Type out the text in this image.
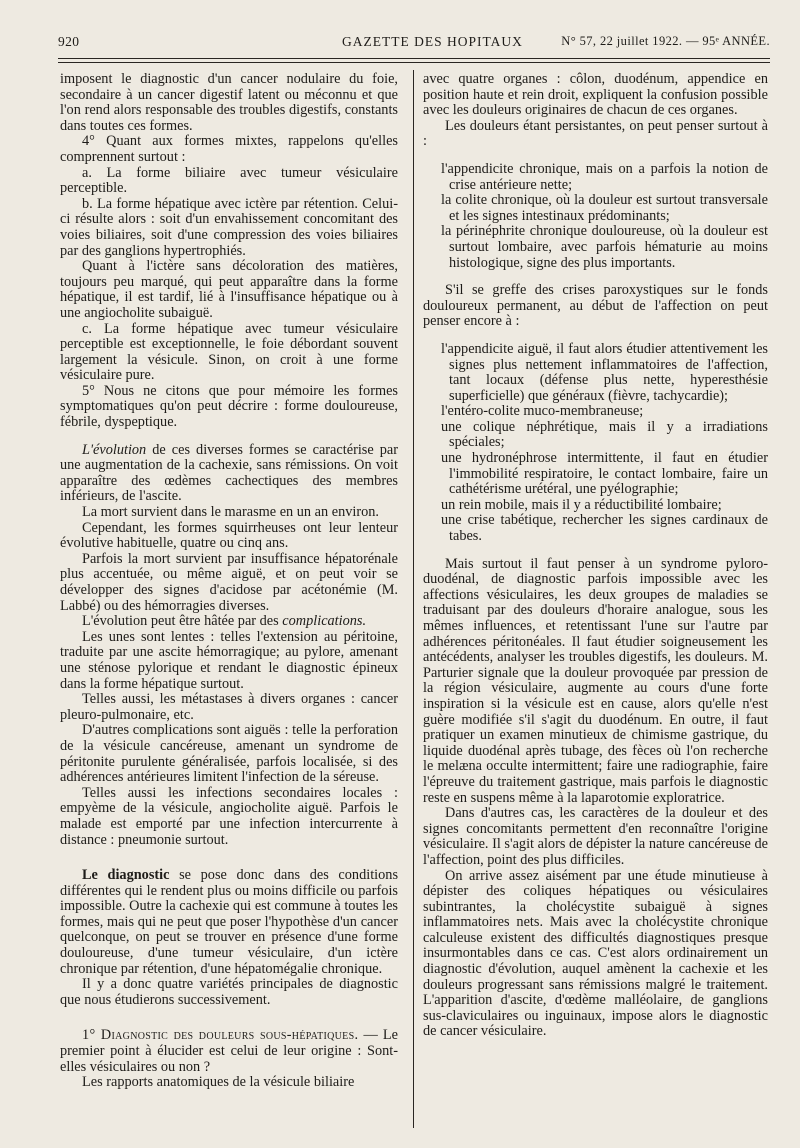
920	GAZETTE DES HOPITAUX	N° 57, 22 juillet 1922. — 95ᵉ ANNÉE.

imposent le diagnostic d'un cancer nodulaire du foie, secondaire à un cancer digestif latent ou méconnu et que l'on rend alors responsable des troubles digestifs, constants dans toutes ces formes.

4° Quant aux formes mixtes, rappelons qu'elles comprennent surtout :

a. La forme biliaire avec tumeur vésiculaire perceptible.

b. La forme hépatique avec ictère par rétention. Celui-ci résulte alors : soit d'un envahissement concomitant des voies biliaires, soit d'une compression des voies biliaires par des ganglions hypertrophiés.

Quant à l'ictère sans décoloration des matières, toujours peu marqué, qui peut apparaître dans la forme hépatique, il est tardif, lié à l'insuffisance hépatique ou à une angiocholite subaiguë.

c. La forme hépatique avec tumeur vésiculaire perceptible est exceptionnelle, le foie débordant souvent largement la vésicule. Sinon, on croit à une forme vésiculaire pure.

5° Nous ne citons que pour mémoire les formes symptomatiques qu'on peut décrire : forme douloureuse, fébrile, dyspeptique.

L'évolution de ces diverses formes se caractérise par une augmentation de la cachexie, sans rémissions. On voit apparaître des œdèmes cachectiques des membres inférieurs, de l'ascite.

La mort survient dans le marasme en un an environ.

Cependant, les formes squirrheuses ont leur lenteur évolutive habituelle, quatre ou cinq ans.

Parfois la mort survient par insuffisance hépatorénale plus accentuée, ou même aiguë, et on peut voir se développer des signes d'acidose par acétonémie (M. Labbé) ou des hémorragies diverses.

L'évolution peut être hâtée par des complications.

Les unes sont lentes : telles l'extension au péritoine, traduite par une ascite hémorragique; au pylore, amenant une sténose pylorique et rendant le diagnostic épineux dans la forme hépatique surtout.

Telles aussi, les métastases à divers organes : cancer pleuro-pulmonaire, etc.

D'autres complications sont aiguës : telle la perforation de la vésicule cancéreuse, amenant un syndrome de péritonite purulente généralisée, parfois localisée, si des adhérences antérieures limitent l'infection de la séreuse.

Telles aussi les infections secondaires locales : empyème de la vésicule, angiocholite aiguë. Parfois le malade est emporté par une infection intercurrente à distance : pneumonie surtout.

Le diagnostic se pose donc dans des conditions différentes qui le rendent plus ou moins difficile ou parfois impossible. Outre la cachexie qui est commune à toutes les formes, mais qui ne peut que poser l'hypothèse d'un cancer quelconque, on peut se trouver en présence d'une forme douloureuse, d'une tumeur vésiculaire, d'un ictère chronique par rétention, d'une hépatomégalie chronique.

Il y a donc quatre variétés principales de diagnostic que nous étudierons successivement.

1° Diagnostic des douleurs sous-hépatiques. — Le premier point à élucider est celui de leur origine : Sont-elles vésiculaires ou non ?

Les rapports anatomiques de la vésicule biliaire

avec quatre organes : côlon, duodénum, appendice en position haute et rein droit, expliquent la confusion possible avec les douleurs originaires de chacun de ces organes.

Les douleurs étant persistantes, on peut penser surtout à :

l'appendicite chronique, mais on a parfois la notion de crise antérieure nette;

la colite chronique, où la douleur est surtout transversale et les signes intestinaux prédominants;

la périnéphrite chronique douloureuse, où la douleur est surtout lombaire, avec parfois hématurie au moins histologique, signe des plus importants.

S'il se greffe des crises paroxystiques sur le fonds douloureux permanent, au début de l'affection on peut penser encore à :

l'appendicite aiguë, il faut alors étudier attentivement les signes plus nettement inflammatoires de l'affection, tant locaux (défense plus nette, hyperesthésie superficielle) que généraux (fièvre, tachycardie);

l'entéro-colite muco-membraneuse;

une colique néphrétique, mais il y a irradiations spéciales;

une hydronéphrose intermittente, il faut en étudier l'immobilité respiratoire, le contact lombaire, faire un cathétérisme urétéral, une pyélographie;

un rein mobile, mais il y a réductibilité lombaire;

une crise tabétique, rechercher les signes cardinaux de tabes.

Mais surtout il faut penser à un syndrome pyloro-duodénal, de diagnostic parfois impossible avec les affections vésiculaires, les deux groupes de maladies se traduisant par des douleurs d'horaire analogue, sous les mêmes influences, et retentissant l'une sur l'autre par adhérences péritonéales. Il faut étudier soigneusement les antécédents, analyser les troubles digestifs, les douleurs. M. Parturier signale que la douleur provoquée par pression de la région vésiculaire, augmente au cours d'une forte inspiration si la vésicule est en cause, alors qu'elle n'est guère modifiée s'il s'agit du duodénum. En outre, il faut pratiquer un examen minutieux de chimisme gastrique, du liquide duodénal après tubage, des fèces où l'on recherche le melæna occulte intermittent; faire une radiographie, faire l'épreuve du traitement gastrique, mais parfois le diagnostic reste en suspens même à la laparotomie exploratrice.

Dans d'autres cas, les caractères de la douleur et des signes concomitants permettent d'en reconnaître l'origine vésiculaire. Il s'agit alors de dépister la nature cancéreuse de l'affection, point des plus difficiles.

On arrive assez aisément par une étude minutieuse à dépister des coliques hépatiques ou vésiculaires subintrantes, la cholécystite subaiguë à signes inflammatoires nets. Mais avec la cholécystite chronique calculeuse existent des difficultés diagnostiques presque insurmontables dans ce cas. C'est alors ordinairement un diagnostic d'évolution, auquel amènent la cachexie et les douleurs progressant sans rémissions malgré le traitement. L'apparition d'ascite, d'œdème malléolaire, de ganglions sus-claviculaires ou inguinaux, impose alors le diagnostic de cancer vésiculaire.
